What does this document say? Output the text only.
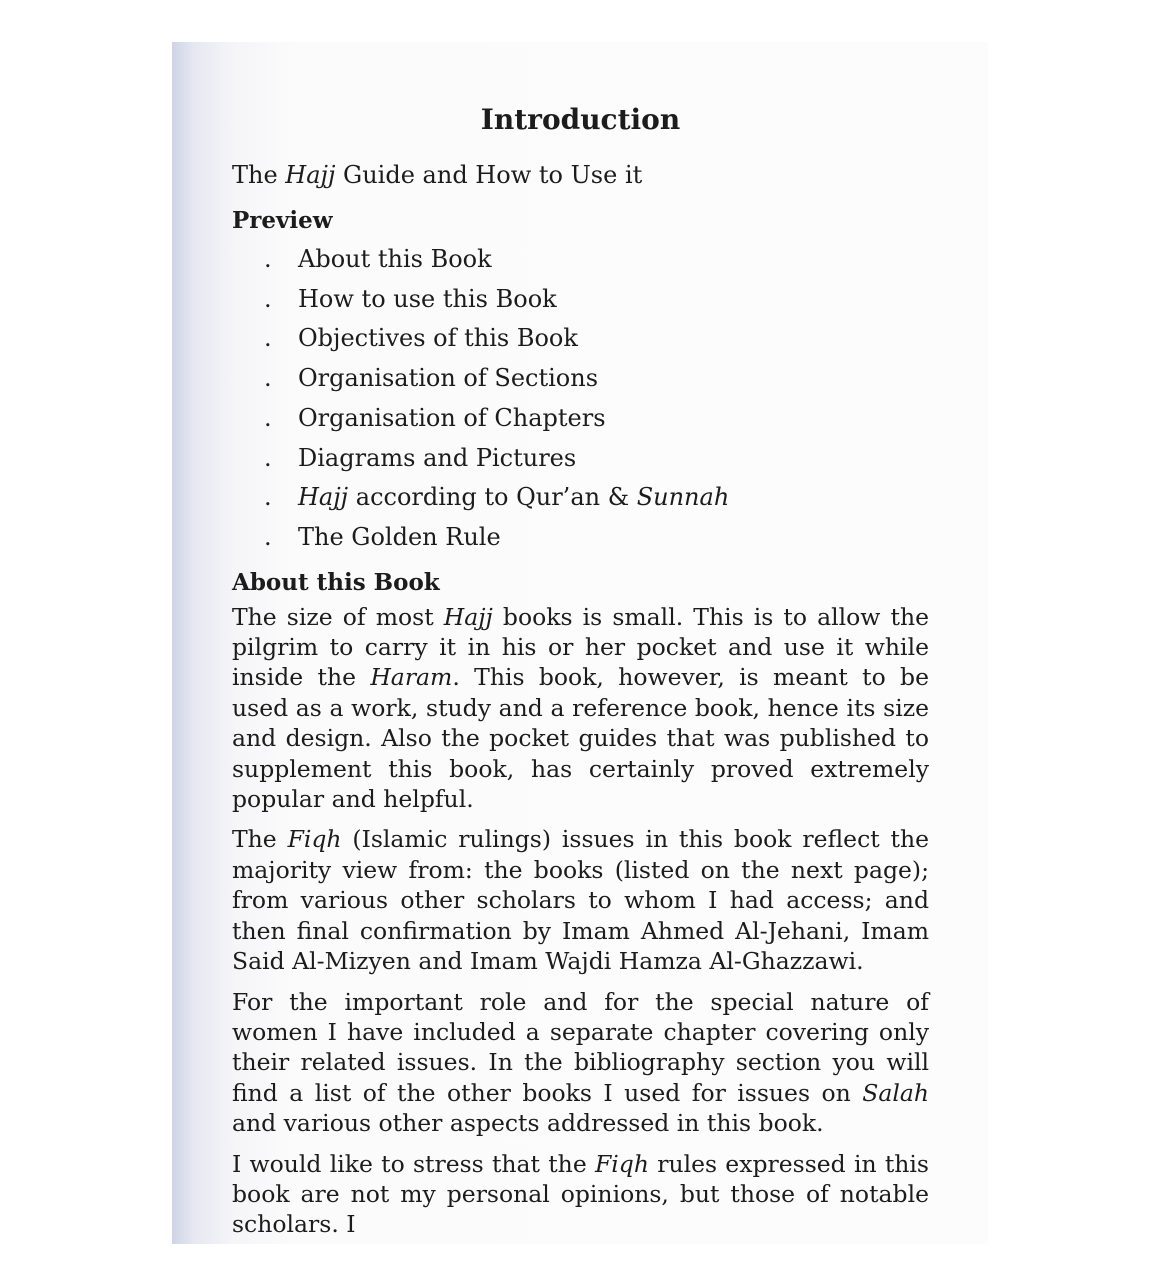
Introduction
The Hajj Guide and How to Use it
Preview
. About this Book
. How to use this Book
. Objectives of this Book
. Organisation of Sections
. Organisation of Chapters
. Diagrams and Pictures
. Hajj according to Qur’an & Sunnah
. The Golden Rule
About this Book

The size of most Hajj books is small. This is to allow the pilgrim to carry it in his or her pocket and use it while inside the Haram. This book, however, is meant to be used as a work, study and a reference book, hence its size and design. Also the pocket guides that was published to supplement this book, has certainly proved extremely popular and helpful.

The Fiqh (Islamic rulings) issues in this book reflect the majority view from: the books (listed on the next page); from various other scholars to whom I had access; and then final confirmation by Imam Ahmed Al-Jehani, Imam Said Al-Mizyen and Imam Wajdi Hamza Al-Ghazzawi.

For the important role and for the special nature of women I have included a separate chapter covering only their related issues. In the bibliography section you will find a list of the other books I used for issues on Salah and various other aspects addressed in this book.

I would like to stress that the Fiqh rules expressed in this book are not my personal opinions, but those of notable scholars. I
